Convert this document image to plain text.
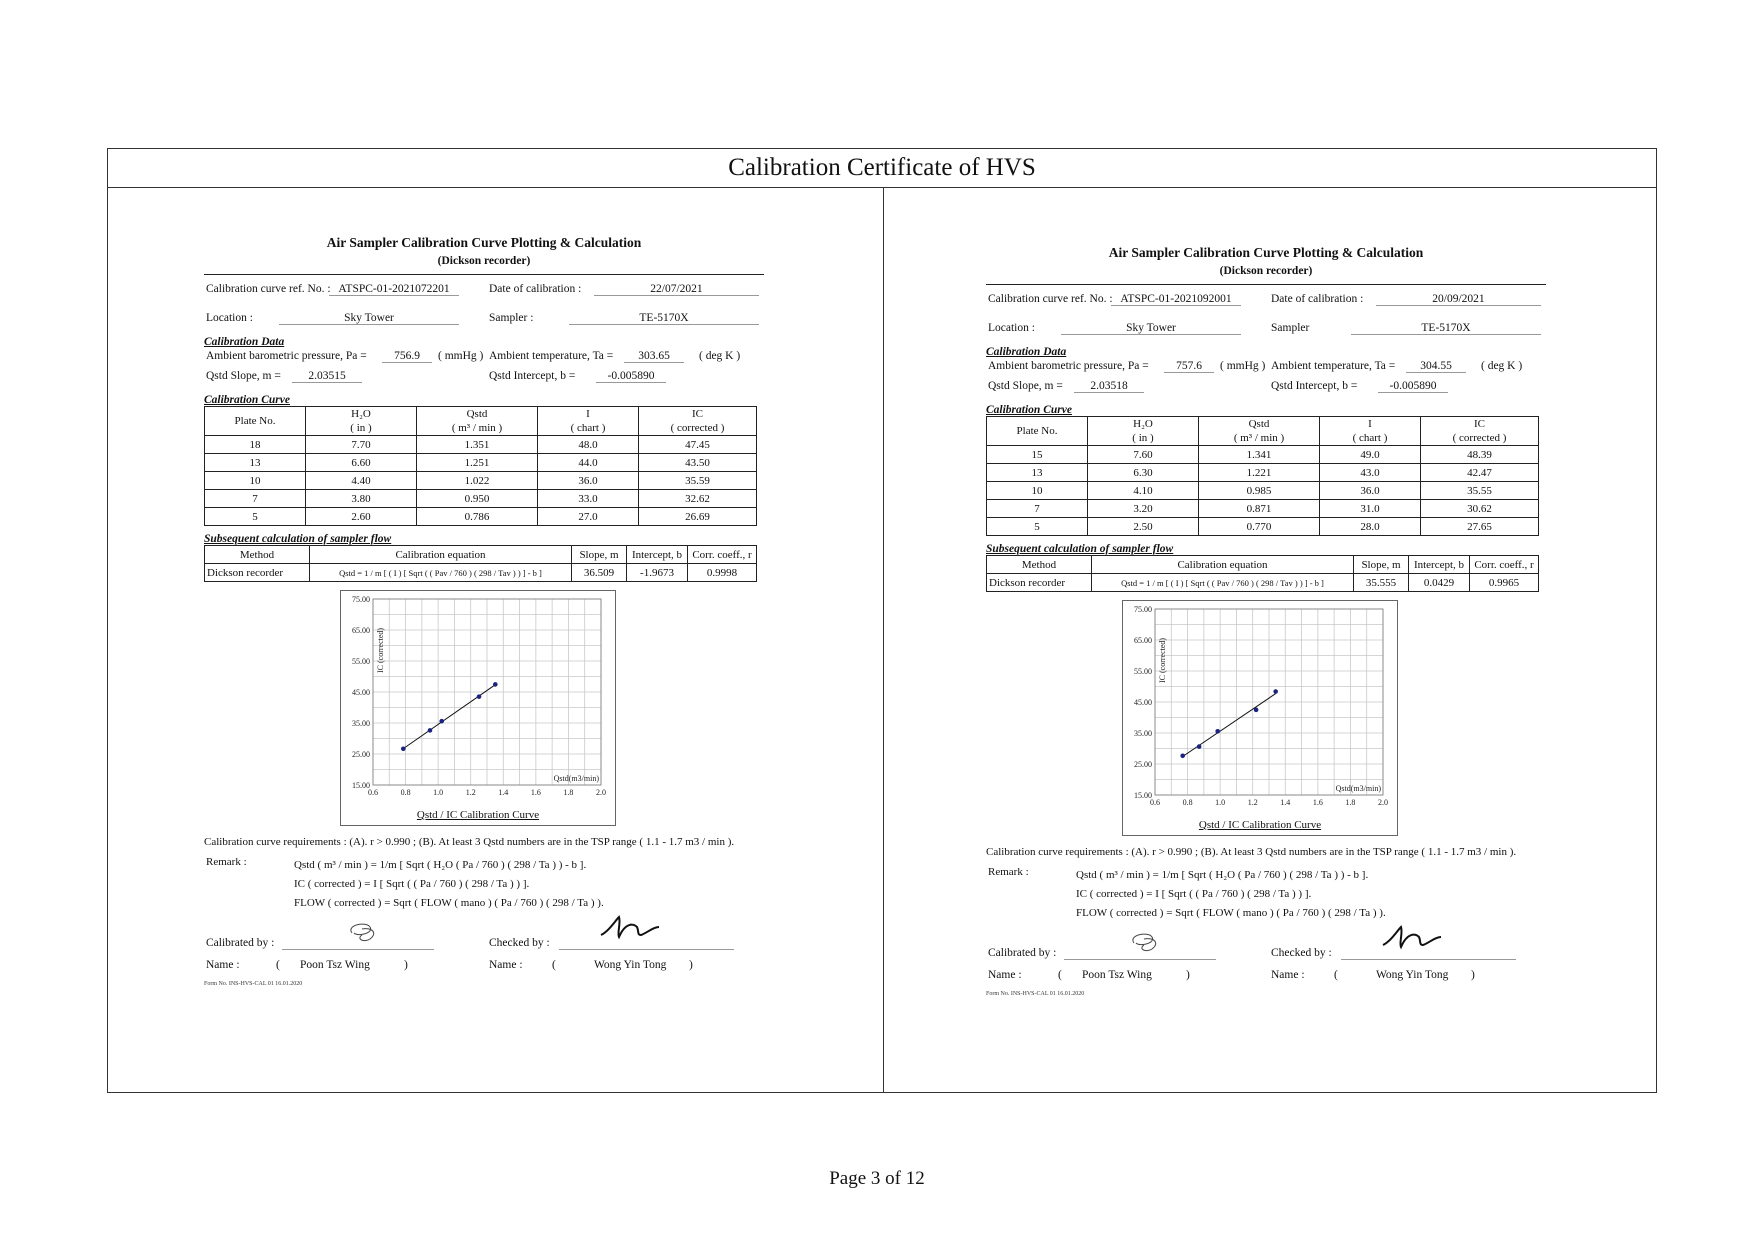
Calibration Certificate of HVS
Air Sampler Calibration Curve Plotting & Calculation
(Dickson recorder)
Calibration curve ref. No. : ATSPC-01-2021072201	Date of calibration :	22/07/2021
Location :	Sky Tower	Sampler :	TE-5170X
Calibration Data
Ambient barometric pressure, Pa =	756.9	( mmHg ) Ambient temperature, Ta =	303.65	( deg K )
Qstd Slope, m =	2.03515	Qstd Intercept, b =	-0.005890
Calibration Curve
Plate No.	H₂O	Qstd	I	IC
	( in )	( m³ / min )	( chart )	( corrected )
18	7.70	1.351	48.0	47.45
13	6.60	1.251	44.0	43.50
10	4.40	1.022	36.0	35.59
7	3.80	0.950	33.0	32.62
5	2.60	0.786	27.0	26.69
Subsequent calculation of sampler flow
Method	Calibration equation	Slope, m	Intercept, b	Corr. coeff., r
Dickson recorder	Qstd = 1 / m [ ( I ) [ Sqrt ( ( Pav / 760 ) ( 298 / Tav ) ) ] - b ]	36.509	-1.9673	0.9998
15.00
25.00
35.00
45.00
55.00
65.00
75.00
0.6	0.8	1.0	1.2	1.4	1.6	1.8	2.0
IC (corrected)
Qstd(m3/min)
Qstd / IC Calibration Curve
Calibration curve requirements : (A). r > 0.990 ; (B). At least 3 Qstd numbers are in the TSP range ( 1.1 - 1.7 m3 / min ).
Remark :	Qstd ( m³ / min ) = 1/m [ Sqrt ( H₂O ( Pa / 760 ) ( 298 / Ta ) ) - b ].
IC ( corrected ) = I [ Sqrt ( ( Pa / 760 ) ( 298 / Ta ) ) ].
FLOW ( corrected ) = Sqrt ( FLOW ( mano ) ( Pa / 760 ) ( 298 / Ta ) ).
Calibrated by :	Checked by :
Name :	( Poon Tsz Wing	)	Name :	(	Wong Yin Tong )
Form No. INS-HVS-CAL 01 16.01.2020
Air Sampler Calibration Curve Plotting & Calculation
(Dickson recorder)
Calibration curve ref. No. : ATSPC-01-2021092001	Date of calibration :	20/09/2021
Location :	Sky Tower	Sampler	TE-5170X
Calibration Data
Ambient barometric pressure, Pa =	757.6	( mmHg ) Ambient temperature, Ta =	304.55	( deg K )
Qstd Slope, m =	2.03518	Qstd Intercept, b =	-0.005890
Calibration Curve
Plate No.	H₂O	Qstd	I	IC
	( in )	( m³ / min )	( chart )	( corrected )
15	7.60	1.341	49.0	48.39
13	6.30	1.221	43.0	42.47
10	4.10	0.985	36.0	35.55
7	3.20	0.871	31.0	30.62
5	2.50	0.770	28.0	27.65
Subsequent calculation of sampler flow
Method	Calibration equation	Slope, m	Intercept, b	Corr. coeff., r
Dickson recorder	Qstd = 1 / m [ ( I ) [ Sqrt ( ( Pav / 760 ) ( 298 / Tav ) ) ] - b ]	35.555	0.0429	0.9965
15.00
25.00
35.00
45.00
55.00
65.00
75.00
0.6	0.8	1.0	1.2	1.4	1.6	1.8	2.0
IC (corrected)
Qstd(m3/min)
Qstd / IC Calibration Curve
Calibration curve requirements : (A). r > 0.990 ; (B). At least 3 Qstd numbers are in the TSP range ( 1.1 - 1.7 m3 / min ).
Remark :	Qstd ( m³ / min ) = 1/m [ Sqrt ( H₂O ( Pa / 760 ) ( 298 / Ta ) ) - b ].
IC ( corrected ) = I [ Sqrt ( ( Pa / 760 ) ( 298 / Ta ) ) ].
FLOW ( corrected ) = Sqrt ( FLOW ( mano ) ( Pa / 760 ) ( 298 / Ta ) ).
Calibrated by :	Checked by :
Name :	( Poon Tsz Wing	)	Name :	(	Wong Yin Tong )
Form No. INS-HVS-CAL 01 16.01.2020
Page 3 of 12
